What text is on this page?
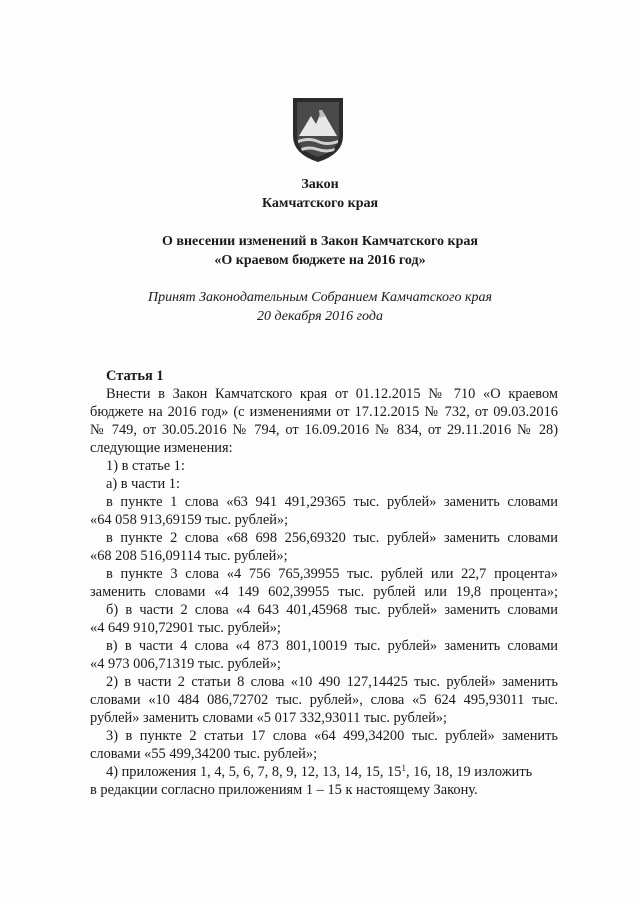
Закон
Камчатского края
О внесении изменений в Закон Камчатского края
«О краевом бюджете на 2016 год»
Принят Законодательным Собранием Камчатского края
20 декабря 2016 года
Статья 1
Внести в Закон Камчатского края от 01.12.2015 № 710 «О краевом
бюджете на 2016 год» (с изменениями от 17.12.2015 № 732, от 09.03.2016
№ 749, от 30.05.2016 № 794, от 16.09.2016 № 834, от 29.11.2016 № 28)
следующие изменения:
1) в статье 1:
а) в части 1:
в пункте 1 слова «63 941 491,29365 тыс. рублей» заменить словами
«64 058 913,69159 тыс. рублей»;
в пункте 2 слова «68 698 256,69320 тыс. рублей» заменить словами
«68 208 516,09114 тыс. рублей»;
в пункте 3 слова «4 756 765,39955 тыс. рублей или 22,7 процента»
заменить словами «4 149 602,39955 тыс. рублей или 19,8 процента»;
б) в части 2 слова «4 643 401,45968 тыс. рублей» заменить словами
«4 649 910,72901 тыс. рублей»;
в) в части 4 слова «4 873 801,10019 тыс. рублей» заменить словами
«4 973 006,71319 тыс. рублей»;
2) в части 2 статьи 8 слова «10 490 127,14425 тыс. рублей» заменить
словами «10 484 086,72702 тыс. рублей», слова «5 624 495,93011 тыс.
рублей» заменить словами «5 017 332,93011 тыс. рублей»;
3) в пункте 2 статьи 17 слова «64 499,34200 тыс. рублей» заменить
словами «55 499,34200 тыс. рублей»;
4) приложения 1, 4, 5, 6, 7, 8, 9, 12, 13, 14, 15, $15^1$, 16, 18, 19 изложить
в редакции согласно приложениям 1 – 15 к настоящему Закону.
